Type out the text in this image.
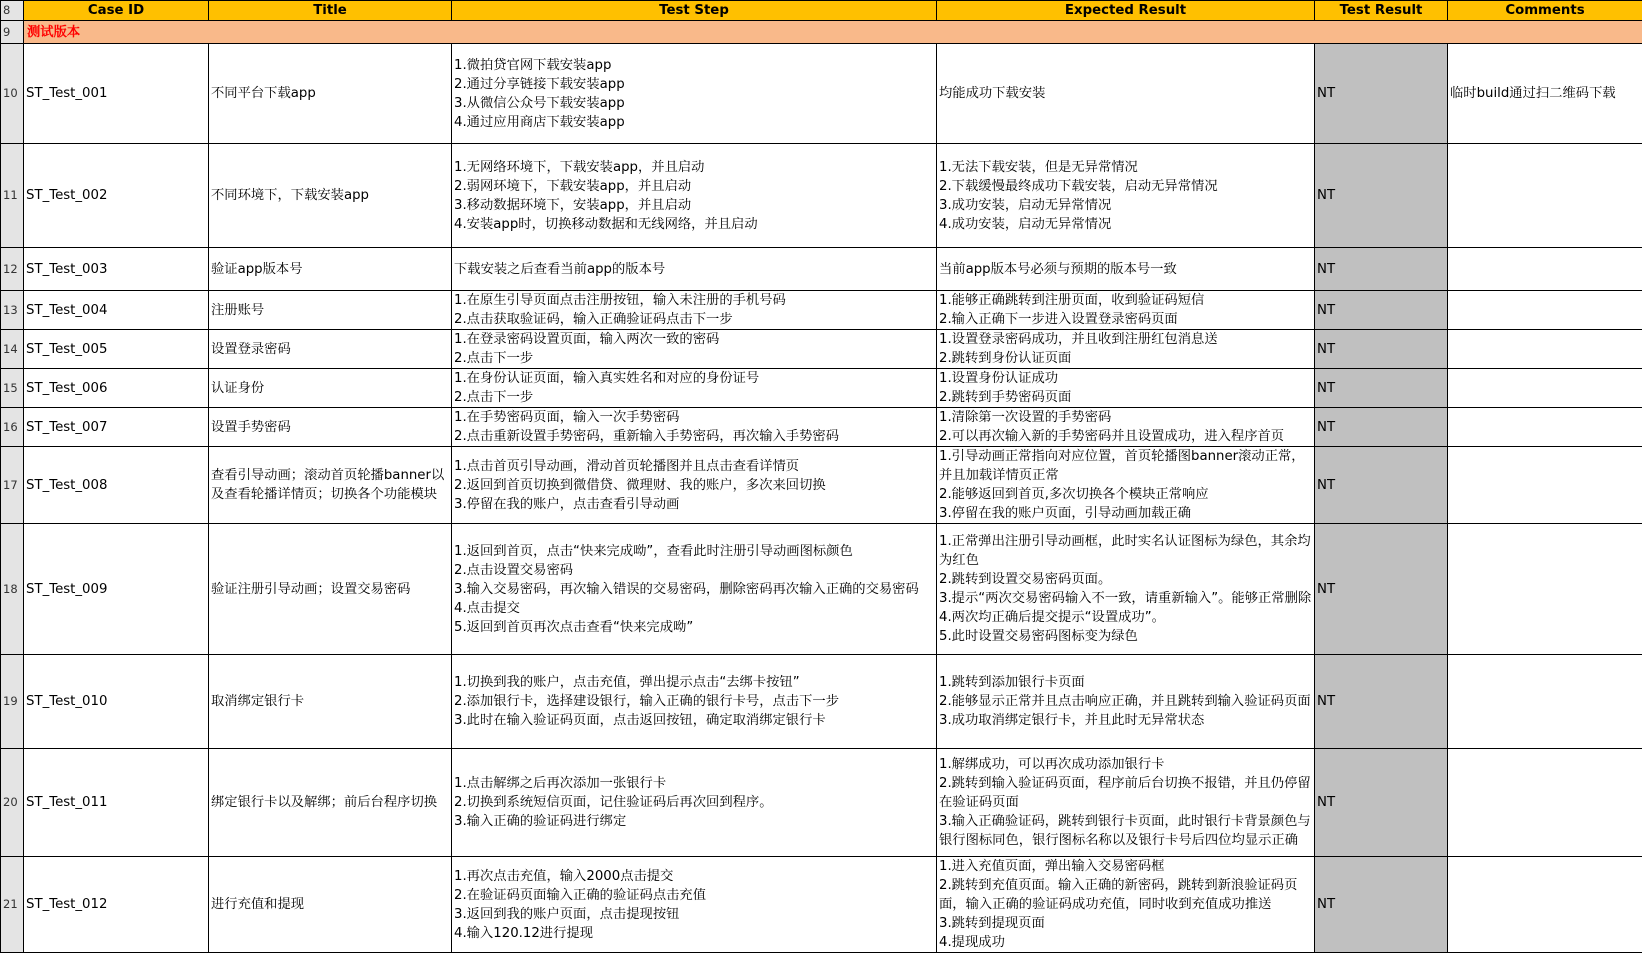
8	Case ID	Title	Test Step	Expected Result	Test Result	Comments
9	测试版本					
10	ST_Test_001	不同平台下载app	1.微拍贷官网下载安装app
2.通过分享链接下载安装app
3.从微信公众号下载安装app
4.通过应用商店下载安装app	均能成功下载安装	NT	临时build通过扫二维码下载
11	ST_Test_002	不同环境下，下载安装app	1.无网络环境下，下载安装app，并且启动
2.弱网环境下，下载安装app，并且启动
3.移动数据环境下，安装app，并且启动
4.安装app时，切换移动数据和无线网络，并且启动	1.无法下载安装，但是无异常情况
2.下载缓慢最终成功下载安装，启动无异常情况
3.成功安装，启动无异常情况
4.成功安装，启动无异常情况	NT	
12	ST_Test_003	验证app版本号	下载安装之后查看当前app的版本号	当前app版本号必须与预期的版本号一致	NT	
13	ST_Test_004	注册账号	1.在原生引导页面点击注册按钮，输入未注册的手机号码
2.点击获取验证码，输入正确验证码点击下一步	1.能够正确跳转到注册页面，收到验证码短信
2.输入正确下一步进入设置登录密码页面	NT	
14	ST_Test_005	设置登录密码	1.在登录密码设置页面，输入两次一致的密码
2.点击下一步	1.设置登录密码成功，并且收到注册红包消息送
2.跳转到身份认证页面	NT	
15	ST_Test_006	认证身份	1.在身份认证页面，输入真实姓名和对应的身份证号
2.点击下一步	1.设置身份认证成功
2.跳转到手势密码页面	NT	
16	ST_Test_007	设置手势密码	1.在手势密码页面，输入一次手势密码
2.点击重新设置手势密码，重新输入手势密码，再次输入手势密码	1.清除第一次设置的手势密码
2.可以再次输入新的手势密码并且设置成功，进入程序首页	NT	
17	ST_Test_008	查看引导动画；滚动首页轮播banner以及查看轮播详情页；切换各个功能模块	1.点击首页引导动画，滑动首页轮播图并且点击查看详情页
2.返回到首页切换到微借贷、微理财、我的账户，多次来回切换
3.停留在我的账户，点击查看引导动画	1.引导动画正常指向对应位置，首页轮播图banner滚动正常，并且加载详情页正常
2.能够返回到首页,多次切换各个模块正常响应
3.停留在我的账户页面，引导动画加载正确	NT	
18	ST_Test_009	验证注册引导动画；设置交易密码	1.返回到首页，点击“快来完成呦”，查看此时注册引导动画图标颜色
2.点击设置交易密码
3.输入交易密码，再次输入错误的交易密码，删除密码再次输入正确的交易密码
4.点击提交
5.返回到首页再次点击查看“快来完成呦”	1.正常弹出注册引导动画框，此时实名认证图标为绿色，其余均为红色
2.跳转到设置交易密码页面。
3.提示“两次交易密码输入不一致，请重新输入”。能够正常删除
4.两次均正确后提交提示“设置成功”。
5.此时设置交易密码图标变为绿色	NT	
19	ST_Test_010	取消绑定银行卡	1.切换到我的账户，点击充值，弹出提示点击“去绑卡按钮”
2.添加银行卡，选择建设银行，输入正确的银行卡号，点击下一步
3.此时在输入验证码页面，点击返回按钮，确定取消绑定银行卡	1.跳转到添加银行卡页面
2.能够显示正常并且点击响应正确，并且跳转到输入验证码页面
3.成功取消绑定银行卡，并且此时无异常状态	NT	
20	ST_Test_011	绑定银行卡以及解绑；前后台程序切换	1.点击解绑之后再次添加一张银行卡
2.切换到系统短信页面，记住验证码后再次回到程序。
3.输入正确的验证码进行绑定	1.解绑成功，可以再次成功添加银行卡
2.跳转到输入验证码页面，程序前后台切换不报错，并且仍停留在验证码页面
3.输入正确验证码，跳转到银行卡页面，此时银行卡背景颜色与银行图标同色，银行图标名称以及银行卡号后四位均显示正确	NT	
21	ST_Test_012	进行充值和提现	1.再次点击充值，输入2000点击提交
2.在验证码页面输入正确的验证码点击充值
3.返回到我的账户页面，点击提现按钮
4.输入120.12进行提现	1.进入充值页面，弹出输入交易密码框
2.跳转到充值页面。输入正确的新密码，跳转到新浪验证码页面，输入正确的验证码成功充值，同时收到充值成功推送
3.跳转到提现页面
4.提现成功	NT	
